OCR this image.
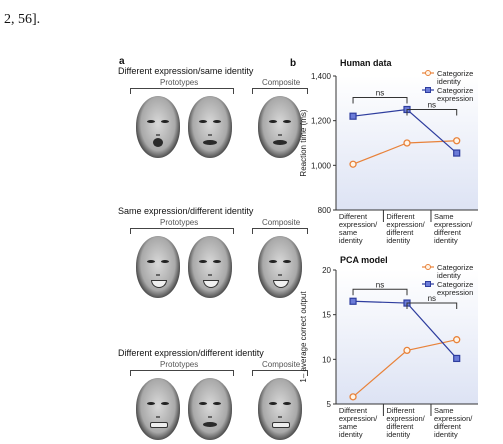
2, 56].
a
Different expression/same identity
Prototypes	Composite
Same expression/different identity
Prototypes	Composite
Different expression/different identity
Prototypes	Composite
b	Human data
800
1,000
1,200
1,400
Reaction time (ms)
Different
expression/
same
identity
Different
expression/
different
identity
Same
expression/
different
identity
ns
ns
Categorize
identity
Categorize
expression
PCA model
5
10
15
20
1– average correct output
Different
expression/
same
identity
Different
expression/
different
identity
Same
expression/
different
identity
ns
ns
Categorize
identity
Categorize
expression
